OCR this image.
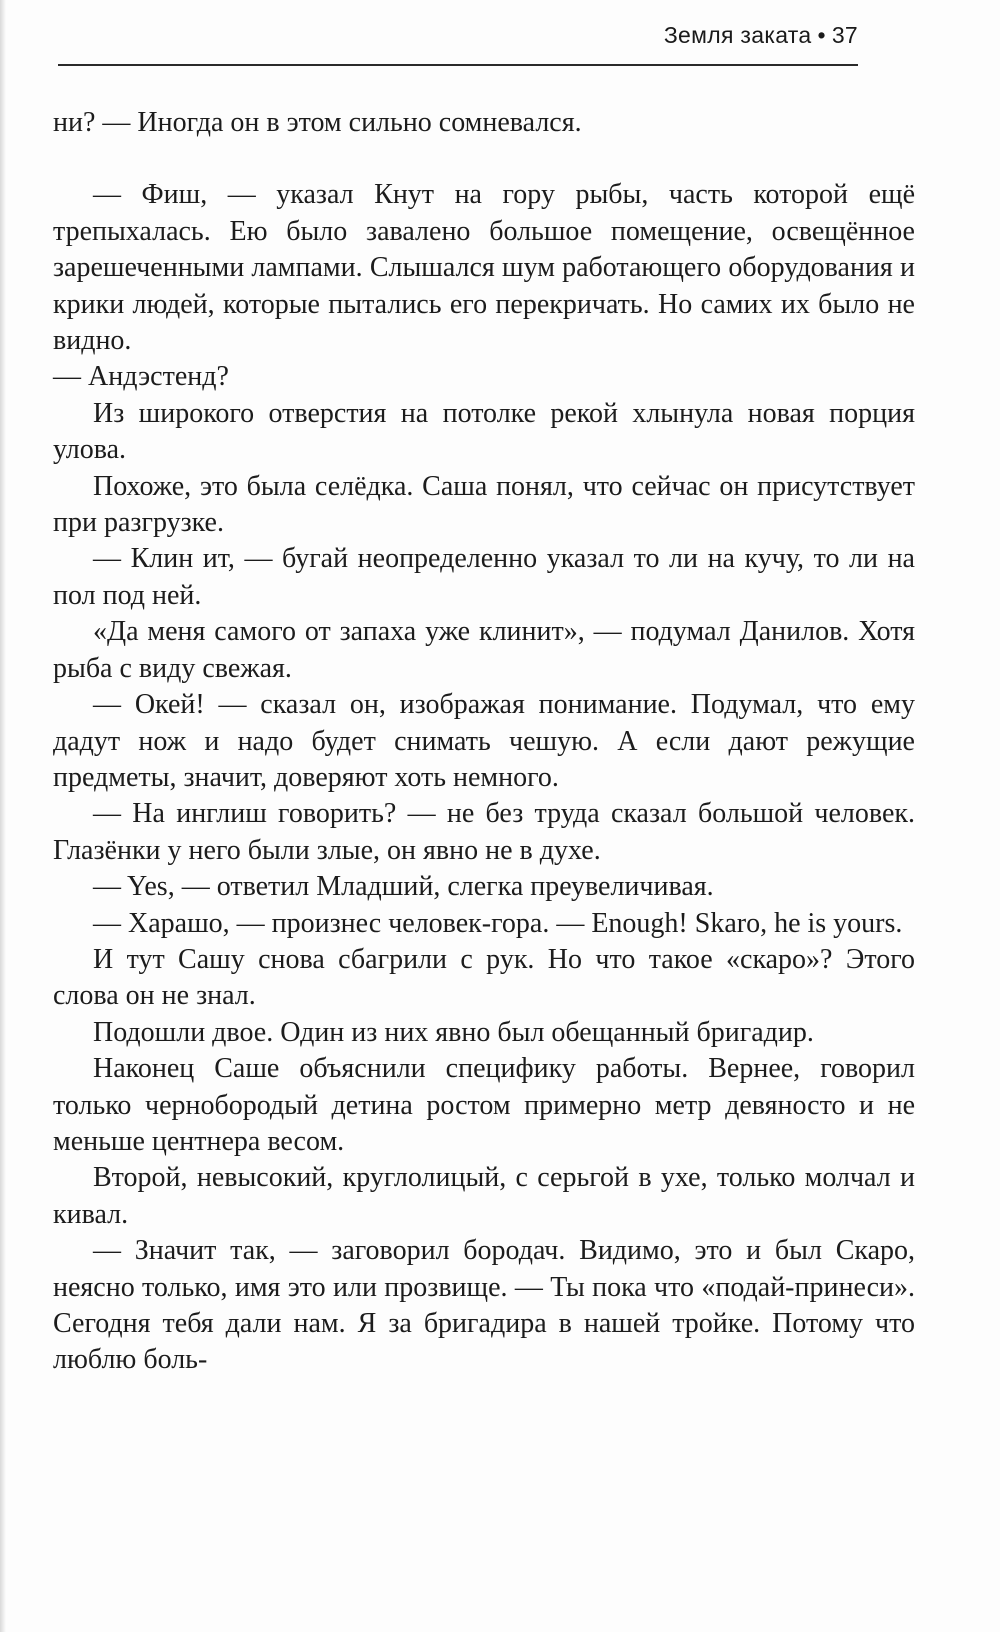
Земля заката • 37

ни? — Иногда он в этом сильно сомневался.

— Фиш, — указал Кнут на гору рыбы, часть которой ещё трепыхалась. Ею было завалено большое помещение, освещённое зарешеченными лампами. Слышался шум работающего оборудования и крики людей, которые пытались его перекричать. Но самих их было не видно.

— Андэстенд?

Из широкого отверстия на потолке рекой хлынула новая порция улова.

Похоже, это была селёдка. Саша понял, что сейчас он присутствует при разгрузке.

— Клин ит, — бугай неопределенно указал то ли на кучу, то ли на пол под ней.

«Да меня самого от запаха уже клинит», — подумал Данилов. Хотя рыба с виду свежая.

— Окей! — сказал он, изображая понимание. Подумал, что ему дадут нож и надо будет снимать чешую. А если дают режущие предметы, значит, доверяют хоть немного.

— На инглиш говорить? — не без труда сказал большой человек. Глазёнки у него были злые, он явно не в духе.

— Yes, — ответил Младший, слегка преувеличивая.

— Харашо, — произнес человек-гора. — Enough! Skaro, he is yours.

И тут Сашу снова сбагрили с рук. Но что такое «скаро»? Этого слова он не знал.

Подошли двое. Один из них явно был обещанный бригадир.

Наконец Саше объяснили специфику работы. Вернее, говорил только чернобородый детина ростом примерно метр девяносто и не меньше центнера весом.

Второй, невысокий, круглолицый, с серьгой в ухе, только молчал и кивал.

— Значит так, — заговорил бородач. Видимо, это и был Скаро, неясно только, имя это или прозвище. — Ты пока что «подай-принеси». Сегодня тебя дали нам. Я за бригадира в нашей тройке. Потому что люблю боль-
